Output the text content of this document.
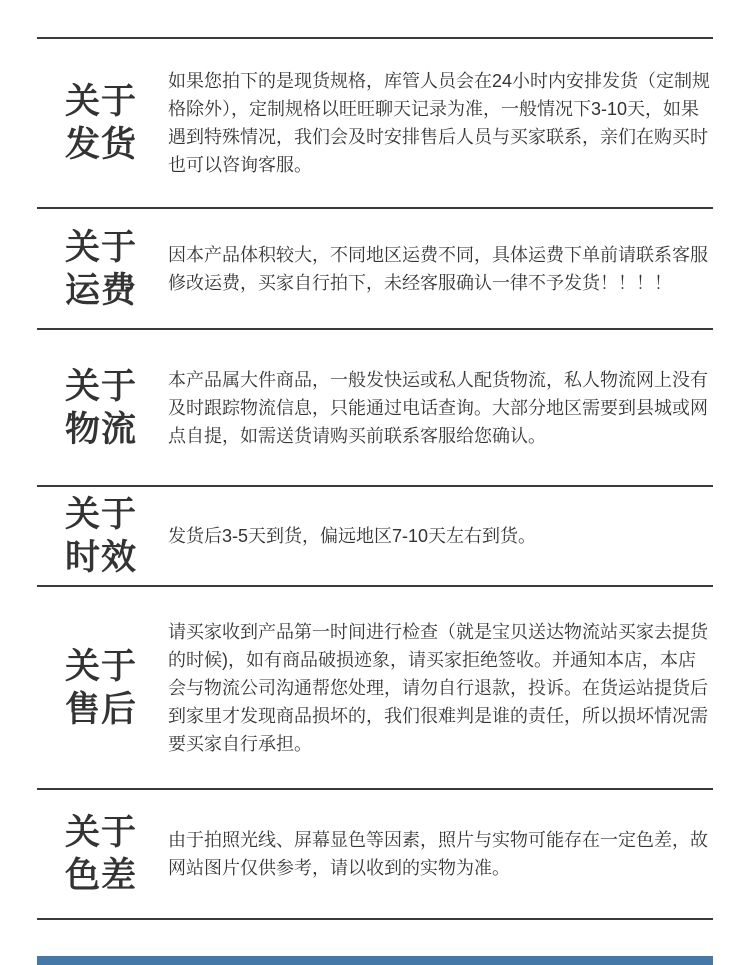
关于
发货
如果您拍下的是现货规格，库管人员会在24小时内安排发货（定制规格除外），定制规格以旺旺聊天记录为准，一般情况下3-10天，如果遇到特殊情况，我们会及时安排售后人员与买家联系，亲们在购买时也可以咨询客服。
关于
运费
因本产品体积较大，不同地区运费不同，具体运费下单前请联系客服修改运费，买家自行拍下，未经客服确认一律不予发货！！！！
关于
物流
本产品属大件商品，一般发快运或私人配货物流，私人物流网上没有及时跟踪物流信息，只能通过电话查询。大部分地区需要到县城或网点自提，如需送货请购买前联系客服给您确认。
关于
时效
发货后3-5天到货，偏远地区7-10天左右到货。
关于
售后
请买家收到产品第一时间进行检查（就是宝贝送达物流站买家去提货的时候)，如有商品破损迹象，请买家拒绝签收。并通知本店，本店会与物流公司沟通帮您处理，请勿自行退款，投诉。在货运站提货后到家里才发现商品损坏的，我们很难判是谁的责任，所以损坏情况需要买家自行承担。
关于
色差
由于拍照光线、屏幕显色等因素，照片与实物可能存在一定色差，故网站图片仅供参考，请以收到的实物为准。
